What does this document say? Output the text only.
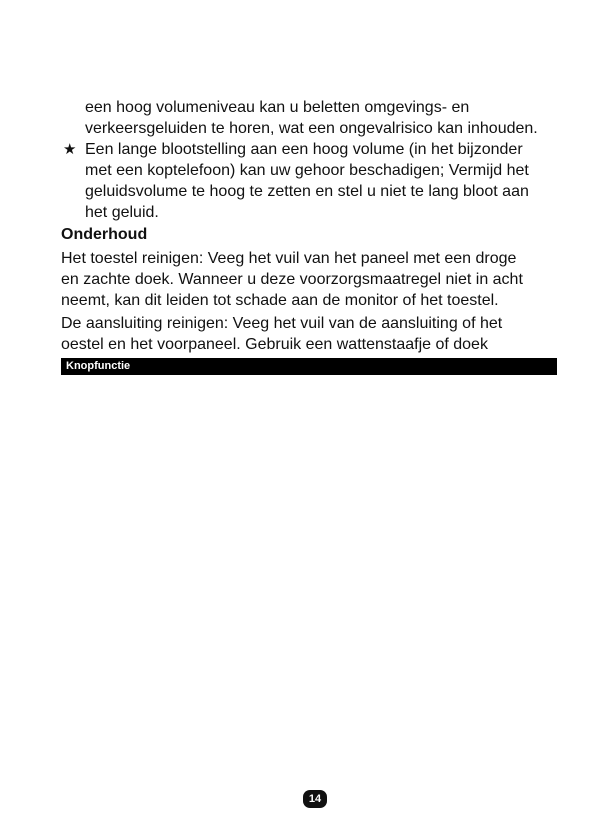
een hoog volumeniveau kan u beletten omgevings- en
verkeersgeluiden te horen, wat een ongevalrisico kan inhouden.
★ Een lange blootstelling aan een hoog volume (in het bijzonder
met een koptelefoon) kan uw gehoor beschadigen; Vermijd het
geluidsvolume te hoog te zetten en stel u niet te lang bloot aan
het geluid.
Onderhoud
Het toestel reinigen: Veeg het vuil van het paneel met een droge
en zachte doek. Wanneer u deze voorzorgsmaatregel niet in acht
neemt, kan dit leiden tot schade aan de monitor of het toestel.
De aansluiting reinigen: Veeg het vuil van de aansluiting of het
oestel en het voorpaneel. Gebruik een wattenstaafje of doek
Knopfunctie
14
